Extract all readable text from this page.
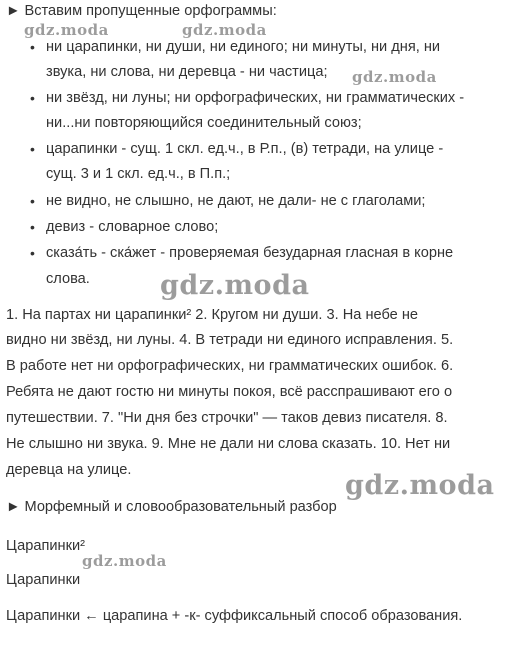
► Вставим пропущенные орфограммы:
• ни царапинки, ни души, ни единого; ни минуты, ни дня, ни
звука, ни слова, ни деревца - ни частица;
• ни звёзд, ни луны; ни орфографических, ни грамматических -
ни...ни повторяющийся соединительный союз;
• царапинки - сущ. 1 скл. ед.ч., в Р.п., (в) тетради, на улице -
сущ. 3 и 1 скл. ед.ч., в П.п.;
• не видно, не слышно, не дают, не дали- не с глаголами;
• девиз - словарное слово;
• сказа́ть - ска́жет - проверяемая безударная гласная в корне
слова.
1. На партах ни царапинки² 2. Кругом ни души. 3. На небе не
видно ни звёзд, ни луны. 4. В тетради ни единого исправления. 5.
В работе нет ни орфографических, ни грамматических ошибок. 6.
Ребята не дают гостю ни минуты покоя, всё расспрашивают его о
путешествии. 7. "Ни дня без строчки" — таков девиз писателя. 8.
Не слышно ни звука. 9. Мне не дали ни слова сказать. 10. Нет ни
деревца на улице.
► Морфемный и словообразовательный разбор
Царапинки²
Царапинки
Царапинки ← царапина + -к- суффиксальный способ образования.
gdz.moda	gdz.moda
gdz.moda
gdz.moda
gdz.moda
gdz.moda
